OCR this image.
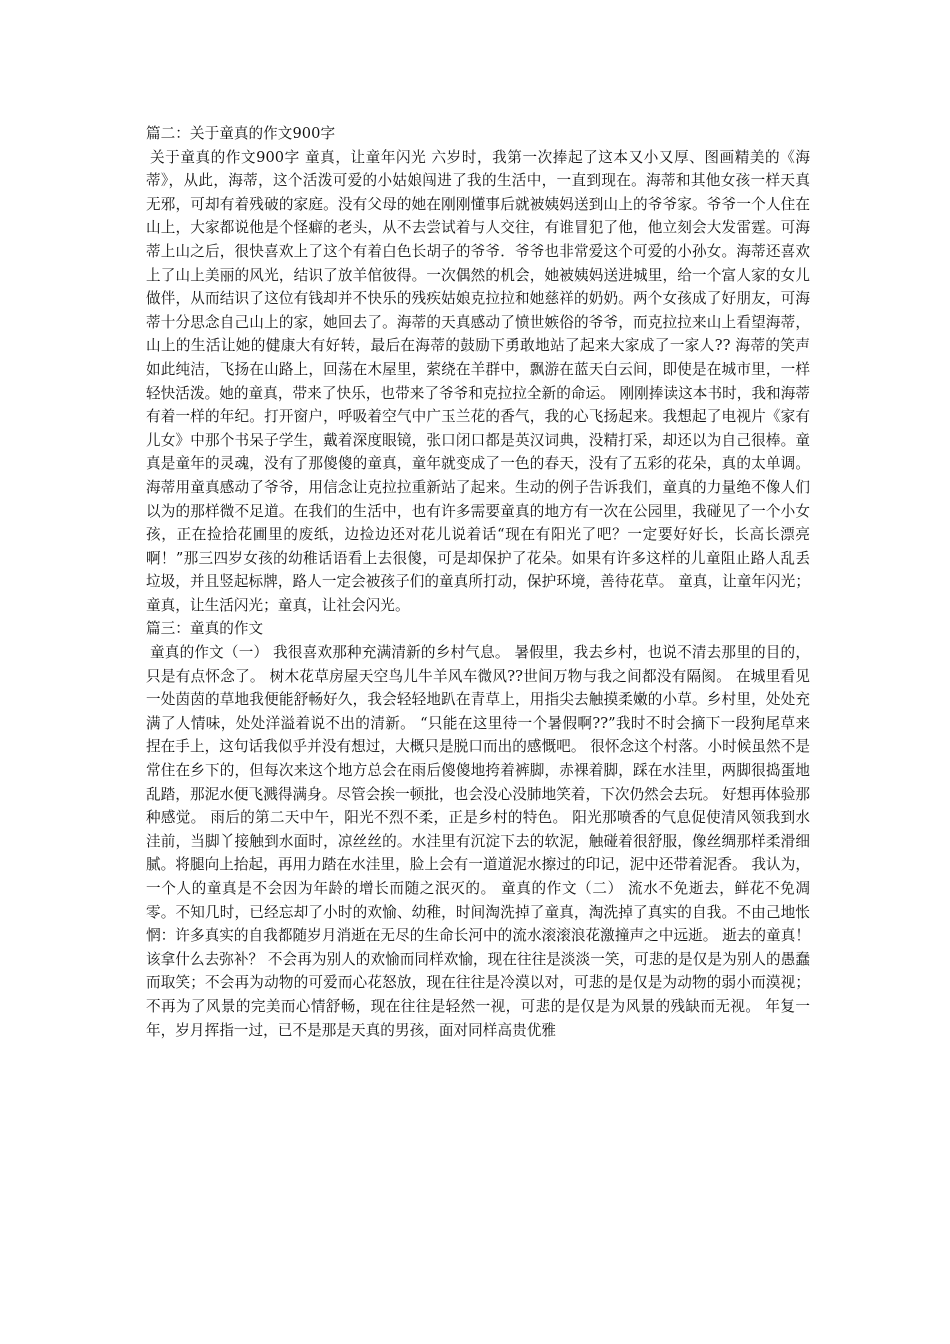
篇二：关于童真的作文900字
关于童真的作文900字 童真，让童年闪光 六岁时，我第一次捧起了这本又小又厚、图画精美的《海蒂》，从此，海蒂，这个活泼可爱的小姑娘闯进了我的生活中，一直到现在。海蒂和其他女孩一样天真无邪，可却有着残破的家庭。没有父母的她在刚刚懂事后就被姨妈送到山上的爷爷家。爷爷一个人住在山上，大家都说他是个怪癖的老头，从不去尝试着与人交往，有谁冒犯了他，他立刻会大发雷霆。可海蒂上山之后，很快喜欢上了这个有着白色长胡子的爷爷．爷爷也非常爱这个可爱的小孙女。海蒂还喜欢上了山上美丽的风光，结识了放羊倌彼得。一次偶然的机会，她被姨妈送进城里，给一个富人家的女儿做伴，从而结识了这位有钱却并不快乐的残疾姑娘克拉拉和她慈祥的奶奶。两个女孩成了好朋友，可海蒂十分思念自己山上的家，她回去了。海蒂的天真感动了愤世嫉俗的爷爷，而克拉拉来山上看望海蒂，山上的生活让她的健康大有好转，最后在海蒂的鼓励下勇敢地站了起来大家成了一家人?? 海蒂的笑声如此纯洁，飞扬在山路上，回荡在木屋里，萦绕在羊群中，飘游在蓝天白云间，即使是在城市里，一样轻快活泼。她的童真，带来了快乐，也带来了爷爷和克拉拉全新的命运。 刚刚捧读这本书时，我和海蒂有着一样的年纪。打开窗户，呼吸着空气中广玉兰花的香气，我的心飞扬起来。我想起了电视片《家有儿女》中那个书呆子学生，戴着深度眼镜，张口闭口都是英汉词典，没精打采，却还以为自己很棒。童真是童年的灵魂，没有了那傻傻的童真，童年就变成了一色的春天，没有了五彩的花朵，真的太单调。 海蒂用童真感动了爷爷，用信念让克拉拉重新站了起来。生动的例子告诉我们，童真的力量绝不像人们以为的那样微不足道。在我们的生活中，也有许多需要童真的地方有一次在公园里，我碰见了一个小女孩，正在捡拾花圃里的废纸，边捡边还对花儿说着话“现在有阳光了吧？一定要好好长，长高长漂亮啊！”那三四岁女孩的幼稚话语看上去很傻，可是却保护了花朵。如果有许多这样的儿童阻止路人乱丢垃圾，并且竖起标牌，路人一定会被孩子们的童真所打动，保护环境，善待花草。 童真，让童年闪光；童真，让生活闪光；童真，让社会闪光。
篇三：童真的作文
童真的作文（一） 我很喜欢那种充满清新的乡村气息。 暑假里，我去乡村，也说不清去那里的目的，只是有点怀念了。 树木花草房屋天空鸟儿牛羊风车微风??世间万物与我之间都没有隔阂。 在城里看见一处茵茵的草地我便能舒畅好久，我会轻轻地趴在青草上，用指尖去触摸柔嫩的小草。乡村里，处处充满了人情味，处处洋溢着说不出的清新。 “只能在这里待一个暑假啊??”我时不时会摘下一段狗尾草来捏在手上，这句话我似乎并没有想过，大概只是脱口而出的感慨吧。 很怀念这个村落。小时候虽然不是常住在乡下的，但每次来这个地方总会在雨后傻傻地挎着裤脚，赤裸着脚，踩在水洼里，两脚很捣蛋地乱踏，那泥水便飞溅得满身。尽管会挨一顿批，也会没心没肺地笑着，下次仍然会去玩。 好想再体验那种感觉。 雨后的第二天中午，阳光不烈不柔，正是乡村的特色。 阳光那喷香的气息促使清风领我到水洼前，当脚丫接触到水面时，凉丝丝的。水洼里有沉淀下去的软泥，触碰着很舒服，像丝绸那样柔滑细腻。将腿向上抬起，再用力踏在水洼里，脸上会有一道道泥水擦过的印记，泥中还带着泥香。 我认为，一个人的童真是不会因为年龄的增长而随之泯灭的。 童真的作文（二） 流水不免逝去，鲜花不免凋零。不知几时，已经忘却了小时的欢愉、幼稚，时间淘洗掉了童真，淘洗掉了真实的自我。不由己地怅惘：许多真实的自我都随岁月消逝在无尽的生命长河中的流水滚滚浪花激撞声之中远逝。 逝去的童真！ 该拿什么去弥补？ 不会再为别人的欢愉而同样欢愉，现在往往是淡淡一笑，可悲的是仅是为别人的愚蠢而取笑；不会再为动物的可爱而心花怒放，现在往往是冷漠以对，可悲的是仅是为动物的弱小而漠视；不再为了风景的完美而心情舒畅，现在往往是轻然一视，可悲的是仅是为风景的残缺而无视。 年复一年，岁月挥指一过，已不是那是天真的男孩，面对同样高贵优雅
